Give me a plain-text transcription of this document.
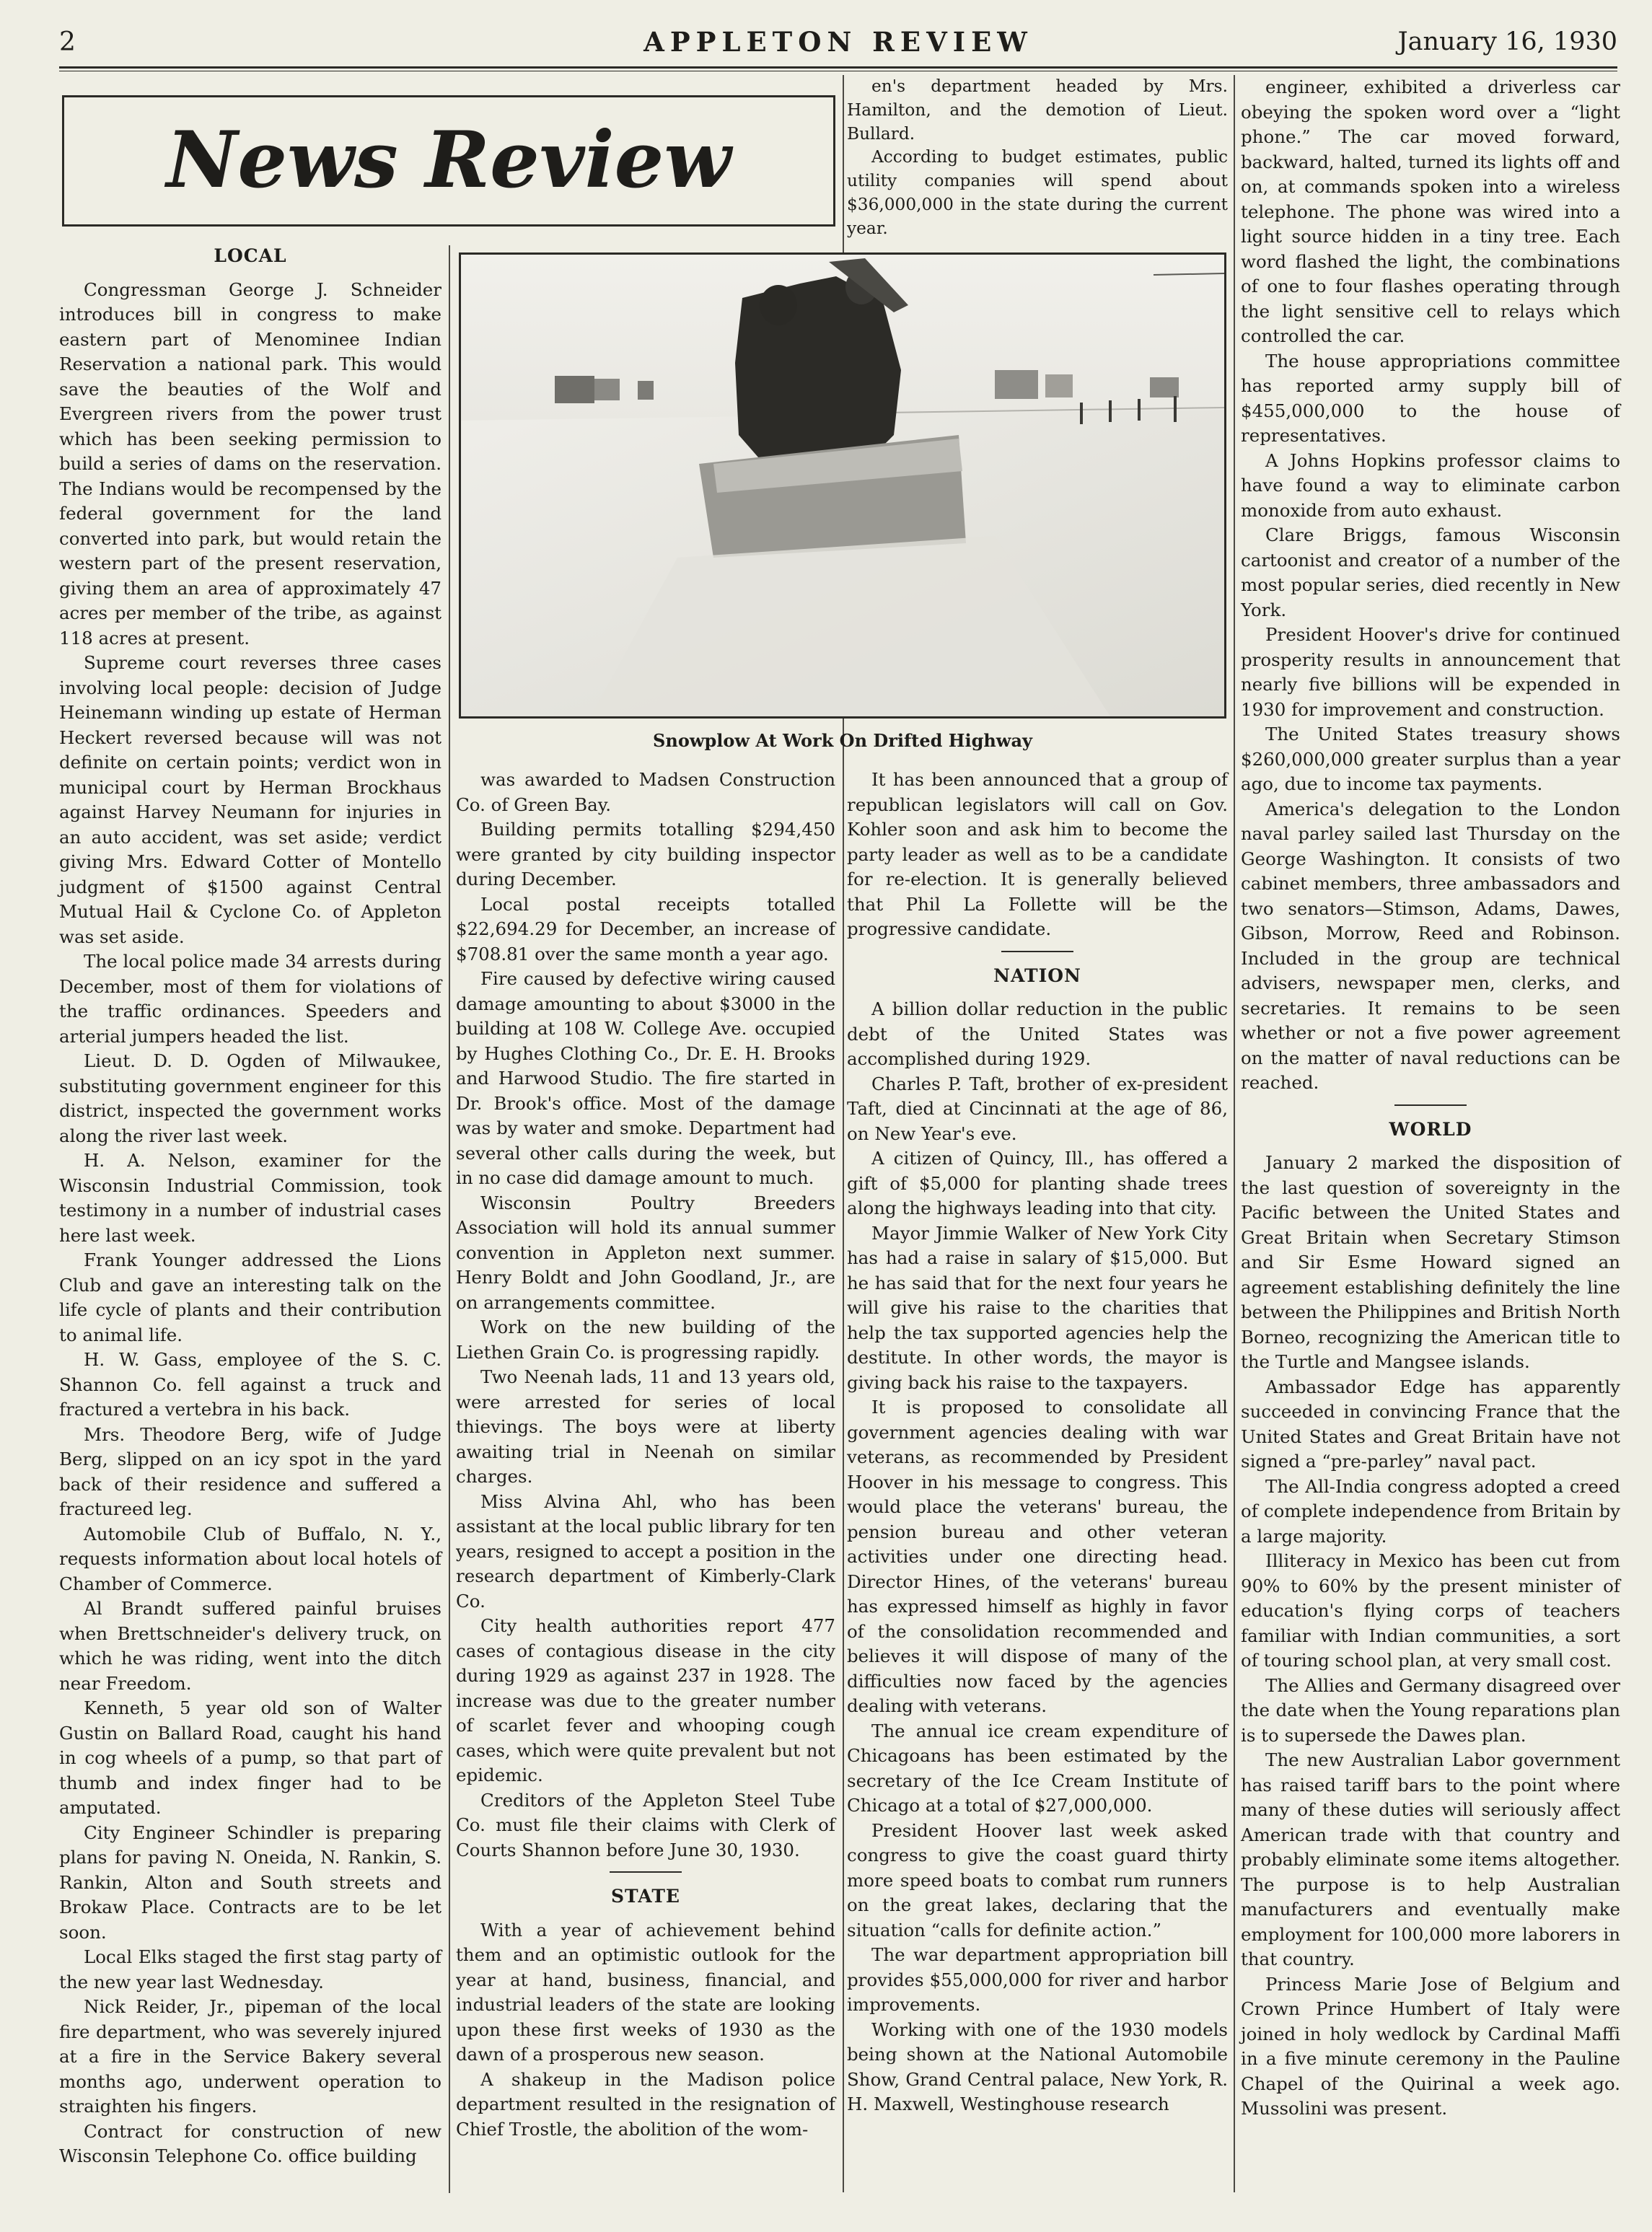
2	APPLETON REVIEW	January 16, 1930
News Review
LOCAL

Congressman George J. Schneider introduces bill in congress to make eastern part of Menominee Indian Reservation a national park. This would save the beauties of the Wolf and Evergreen rivers from the power trust which has been seeking permission to build a series of dams on the reservation. The Indians would be recompensed by the federal government for the land converted into park, but would retain the western part of the present reservation, giving them an area of approximately 47 acres per member of the tribe, as against 118 acres at present.

Supreme court reverses three cases involving local people: decision of Judge Heinemann winding up estate of Herman Heckert reversed because will was not definite on certain points; verdict won in municipal court by Herman Brockhaus against Harvey Neumann for injuries in an auto accident, was set aside; verdict giving Mrs. Edward Cotter of Montello judgment of $1500 against Central Mutual Hail & Cyclone Co. of Appleton was set aside.

The local police made 34 arrests during December, most of them for violations of the traffic ordinances. Speeders and arterial jumpers headed the list.

Lieut. D. D. Ogden of Milwaukee, substituting government engineer for this district, inspected the government works along the river last week.

H. A. Nelson, examiner for the Wisconsin Industrial Commission, took testimony in a number of industrial cases here last week.

Frank Younger addressed the Lions Club and gave an interesting talk on the life cycle of plants and their contribution to animal life.

H. W. Gass, employee of the S. C. Shannon Co. fell against a truck and fractured a vertebra in his back.

Mrs. Theodore Berg, wife of Judge Berg, slipped on an icy spot in the yard back of their residence and suffered a fractureed leg.

Automobile Club of Buffalo, N. Y., requests information about local hotels of Chamber of Commerce.

Al Brandt suffered painful bruises when Brettschneider's delivery truck, on which he was riding, went into the ditch near Freedom.

Kenneth, 5 year old son of Walter Gustin on Ballard Road, caught his hand in cog wheels of a pump, so that part of thumb and index finger had to be amputated.

City Engineer Schindler is preparing plans for paving N. Oneida, N. Rankin, S. Rankin, Alton and South streets and Brokaw Place. Contracts are to be let soon.

Local Elks staged the first stag party of the new year last Wednesday.

Nick Reider, Jr., pipeman of the local fire department, who was severely injured at a fire in the Service Bakery several months ago, underwent operation to straighten his fingers.

Contract for construction of new Wisconsin Telephone Co. office building

Snowplow At Work On Drifted Highway

was awarded to Madsen Construction Co. of Green Bay.

Building permits totalling $294,450 were granted by city building inspector during December.

Local postal receipts totalled $22,694.29 for December, an increase of $708.81 over the same month a year ago.

Fire caused by defective wiring caused damage amounting to about $3000 in the building at 108 W. College Ave. occupied by Hughes Clothing Co., Dr. E. H. Brooks and Harwood Studio. The fire started in Dr. Brook's office. Most of the damage was by water and smoke. Department had several other calls during the week, but in no case did damage amount to much.

Wisconsin Poultry Breeders Association will hold its annual summer convention in Appleton next summer. Henry Boldt and John Goodland, Jr., are on arrangements committee.

Work on the new building of the Liethen Grain Co. is progressing rapidly.

Two Neenah lads, 11 and 13 years old, were arrested for series of local thievings. The boys were at liberty awaiting trial in Neenah on similar charges.

Miss Alvina Ahl, who has been assistant at the local public library for ten years, resigned to accept a position in the research department of Kimberly-Clark Co.

City health authorities report 477 cases of contagious disease in the city during 1929 as against 237 in 1928. The increase was due to the greater number of scarlet fever and whooping cough cases, which were quite prevalent but not epidemic.

Creditors of the Appleton Steel Tube Co. must file their claims with Clerk of Courts Shannon before June 30, 1930.

STATE

With a year of achievement behind them and an optimistic outlook for the year at hand, business, financial, and industrial leaders of the state are looking upon these first weeks of 1930 as the dawn of a prosperous new season.

A shakeup in the Madison police department resulted in the resignation of Chief Trostle, the abolition of the wom-

en's department headed by Mrs. Hamilton, and the demotion of Lieut. Bullard.

According to budget estimates, public utility companies will spend about $36,000,000 in the state during the current year.

It has been announced that a group of republican legislators will call on Gov. Kohler soon and ask him to become the party leader as well as to be a candidate for re-election. It is generally believed that Phil La Follette will be the progressive candidate.

NATION

A billion dollar reduction in the public debt of the United States was accomplished during 1929.

Charles P. Taft, brother of ex-president Taft, died at Cincinnati at the age of 86, on New Year's eve.

A citizen of Quincy, Ill., has offered a gift of $5,000 for planting shade trees along the highways leading into that city.

Mayor Jimmie Walker of New York City has had a raise in salary of $15,000. But he has said that for the next four years he will give his raise to the charities that help the tax supported agencies help the destitute. In other words, the mayor is giving back his raise to the taxpayers.

It is proposed to consolidate all government agencies dealing with war veterans, as recommended by President Hoover in his message to congress. This would place the veterans' bureau, the pension bureau and other veteran activities under one directing head. Director Hines, of the veterans' bureau has expressed himself as highly in favor of the consolidation recommended and believes it will dispose of many of the difficulties now faced by the agencies dealing with veterans.

The annual ice cream expenditure of Chicagoans has been estimated by the secretary of the Ice Cream Institute of Chicago at a total of $27,000,000.

President Hoover last week asked congress to give the coast guard thirty more speed boats to combat rum runners on the great lakes, declaring that the situation “calls for definite action.”

The war department appropriation bill provides $55,000,000 for river and harbor improvements.

Working with one of the 1930 models being shown at the National Automobile Show, Grand Central palace, New York, R. H. Maxwell, Westinghouse research

engineer, exhibited a driverless car obeying the spoken word over a “light phone.” The car moved forward, backward, halted, turned its lights off and on, at commands spoken into a wireless telephone. The phone was wired into a light source hidden in a tiny tree. Each word flashed the light, the combinations of one to four flashes operating through the light sensitive cell to relays which controlled the car.

The house appropriations committee has reported army supply bill of $455,000,000 to the house of representatives.

A Johns Hopkins professor claims to have found a way to eliminate carbon monoxide from auto exhaust.

Clare Briggs, famous Wisconsin cartoonist and creator of a number of the most popular series, died recently in New York.

President Hoover's drive for continued prosperity results in announcement that nearly five billions will be expended in 1930 for improvement and construction.

The United States treasury shows $260,000,000 greater surplus than a year ago, due to income tax payments.

America's delegation to the London naval parley sailed last Thursday on the George Washington. It consists of two cabinet members, three ambassadors and two senators—Stimson, Adams, Dawes, Gibson, Morrow, Reed and Robinson. Included in the group are technical advisers, newspaper men, clerks, and secretaries. It remains to be seen whether or not a five power agreement on the matter of naval reductions can be reached.

WORLD

January 2 marked the disposition of the last question of sovereignty in the Pacific between the United States and Great Britain when Secretary Stimson and Sir Esme Howard signed an agreement establishing definitely the line between the Philippines and British North Borneo, recognizing the American title to the Turtle and Mangsee islands.

Ambassador Edge has apparently succeeded in convincing France that the United States and Great Britain have not signed a “pre-parley” naval pact.

The All-India congress adopted a creed of complete independence from Britain by a large majority.

Illiteracy in Mexico has been cut from 90% to 60% by the present minister of education's flying corps of teachers familiar with Indian communities, a sort of touring school plan, at very small cost.

The Allies and Germany disagreed over the date when the Young reparations plan is to supersede the Dawes plan.

The new Australian Labor government has raised tariff bars to the point where many of these duties will seriously affect American trade with that country and probably eliminate some items altogether. The purpose is to help Australian manufacturers and eventually make employment for 100,000 more laborers in that country.

Princess Marie Jose of Belgium and Crown Prince Humbert of Italy were joined in holy wedlock by Cardinal Maffi in a five minute ceremony in the Pauline Chapel of the Quirinal a week ago. Mussolini was present.
